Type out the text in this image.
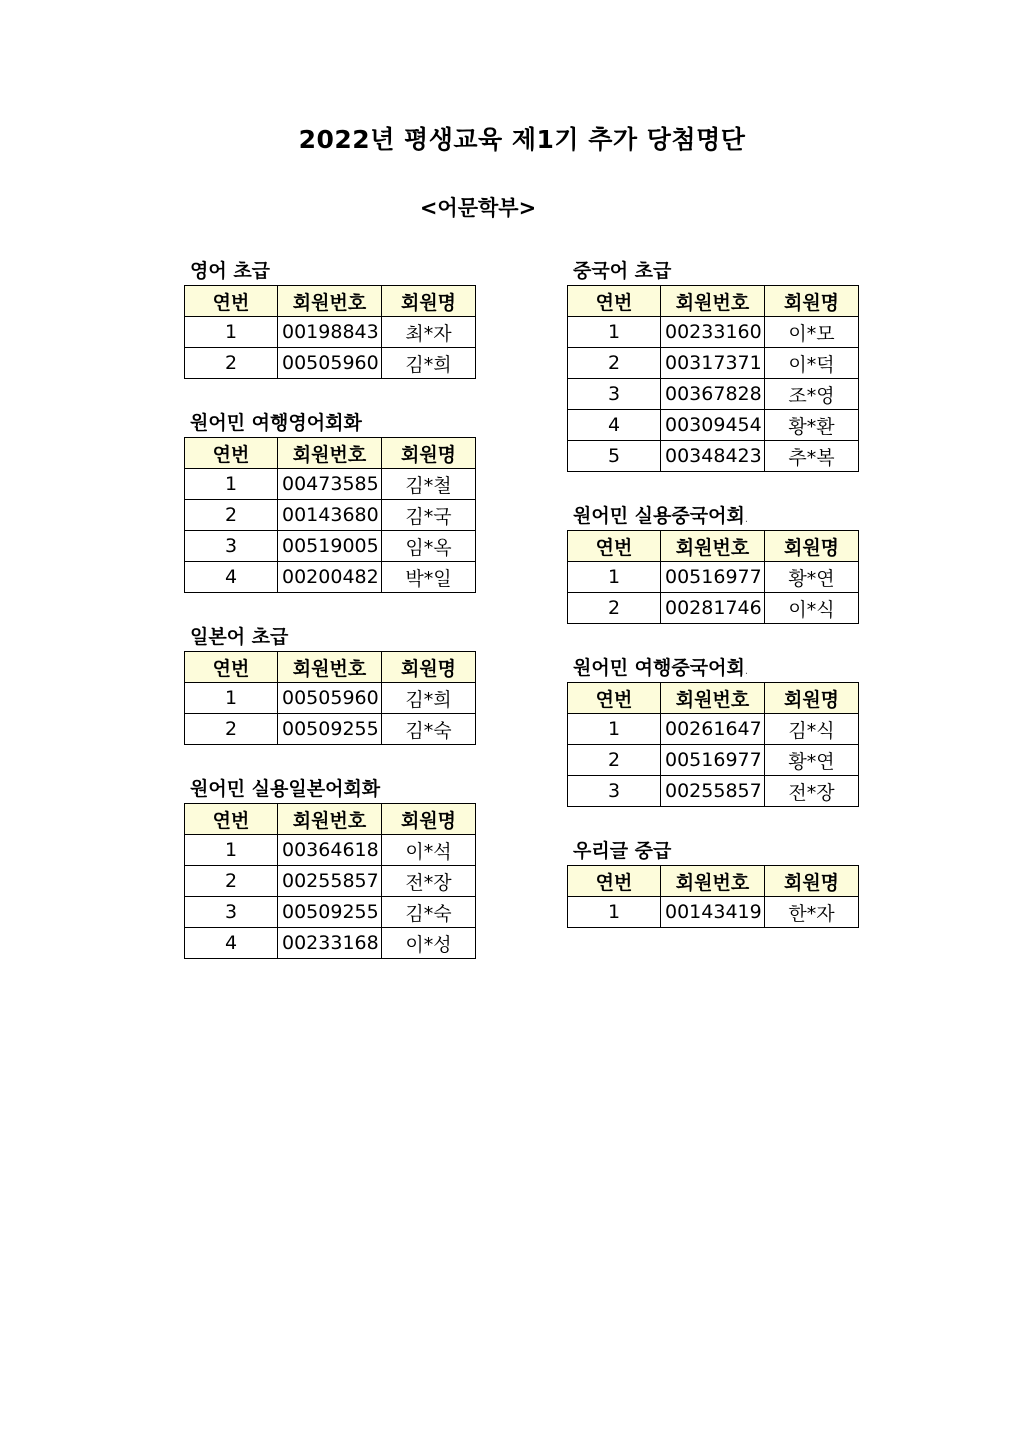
2022년 평생교육 제1기 추가 당첨명단
<어문학부>
영어 초급
연번	회원번호	회원명
1	00198843	최*자
2	00505960	김*희
원어민 여행영어회화
연번	회원번호	회원명
1	00473585	김*철
2	00143680	김*국
3	00519005	임*옥
4	00200482	박*일
일본어 초급
연번	회원번호	회원명
1	00505960	김*희
2	00509255	김*숙
원어민 실용일본어회화
연번	회원번호	회원명
1	00364618	이*석
2	00255857	전*장
3	00509255	김*숙
4	00233168	이*성
중국어 초급
연번	회원번호	회원명
1	00233160	이*모
2	00317371	이*덕
3	00367828	조*영
4	00309454	황*환
5	00348423	추*복
원어민 실용중국어회.
연번	회원번호	회원명
1	00516977	황*연
2	00281746	이*식
원어민 여행중국어회.
연번	회원번호	회원명
1	00261647	김*식
2	00516977	황*연
3	00255857	전*장
우리글 중급
연번	회원번호	회원명
1	00143419	한*자
